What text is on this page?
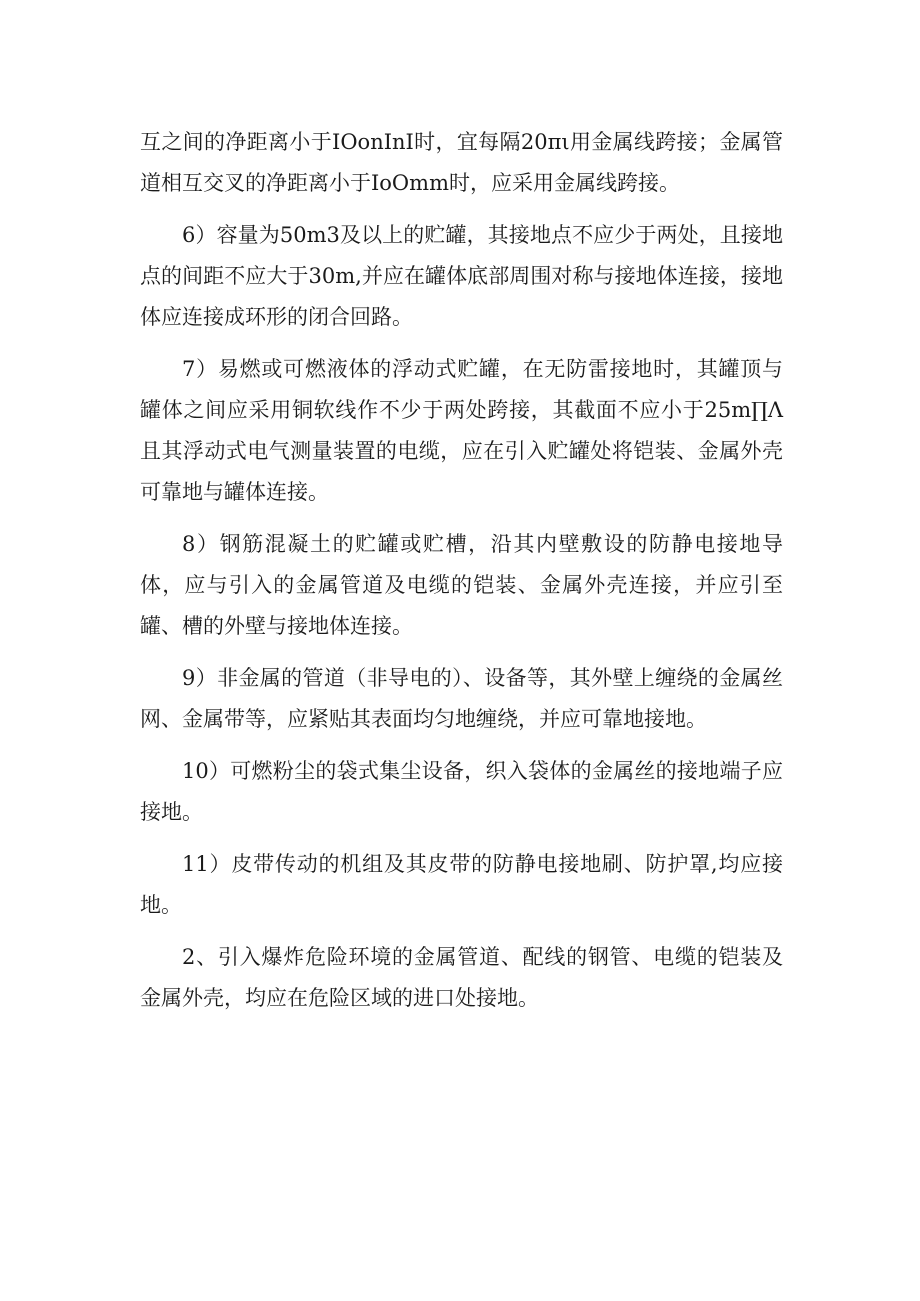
互之间的净距离小于IOonInI时，宜每隔20πι用金属线跨接；金属管道相互交叉的净距离小于IoOmm时，应采用金属线跨接。

6）容量为50m3及以上的贮罐，其接地点不应少于两处，且接地点的间距不应大于30m,并应在罐体底部周围对称与接地体连接，接地体应连接成环形的闭合回路。

7）易燃或可燃液体的浮动式贮罐，在无防雷接地时，其罐顶与罐体之间应采用铜软线作不少于两处跨接，其截面不应小于25m∏Λ且其浮动式电气测量装置的电缆，应在引入贮罐处将铠装、金属外壳可靠地与罐体连接。

8）钢筋混凝土的贮罐或贮槽，沿其内壁敷设的防静电接地导体，应与引入的金属管道及电缆的铠装、金属外壳连接，并应引至罐、槽的外壁与接地体连接。

9）非金属的管道（非导电的）、设备等，其外壁上缠绕的金属丝网、金属带等，应紧贴其表面均匀地缠绕，并应可靠地接地。

10）可燃粉尘的袋式集尘设备，织入袋体的金属丝的接地端子应接地。

11）皮带传动的机组及其皮带的防静电接地刷、防护罩,均应接地。

2、引入爆炸危险环境的金属管道、配线的钢管、电缆的铠装及金属外壳，均应在危险区域的进口处接地。
